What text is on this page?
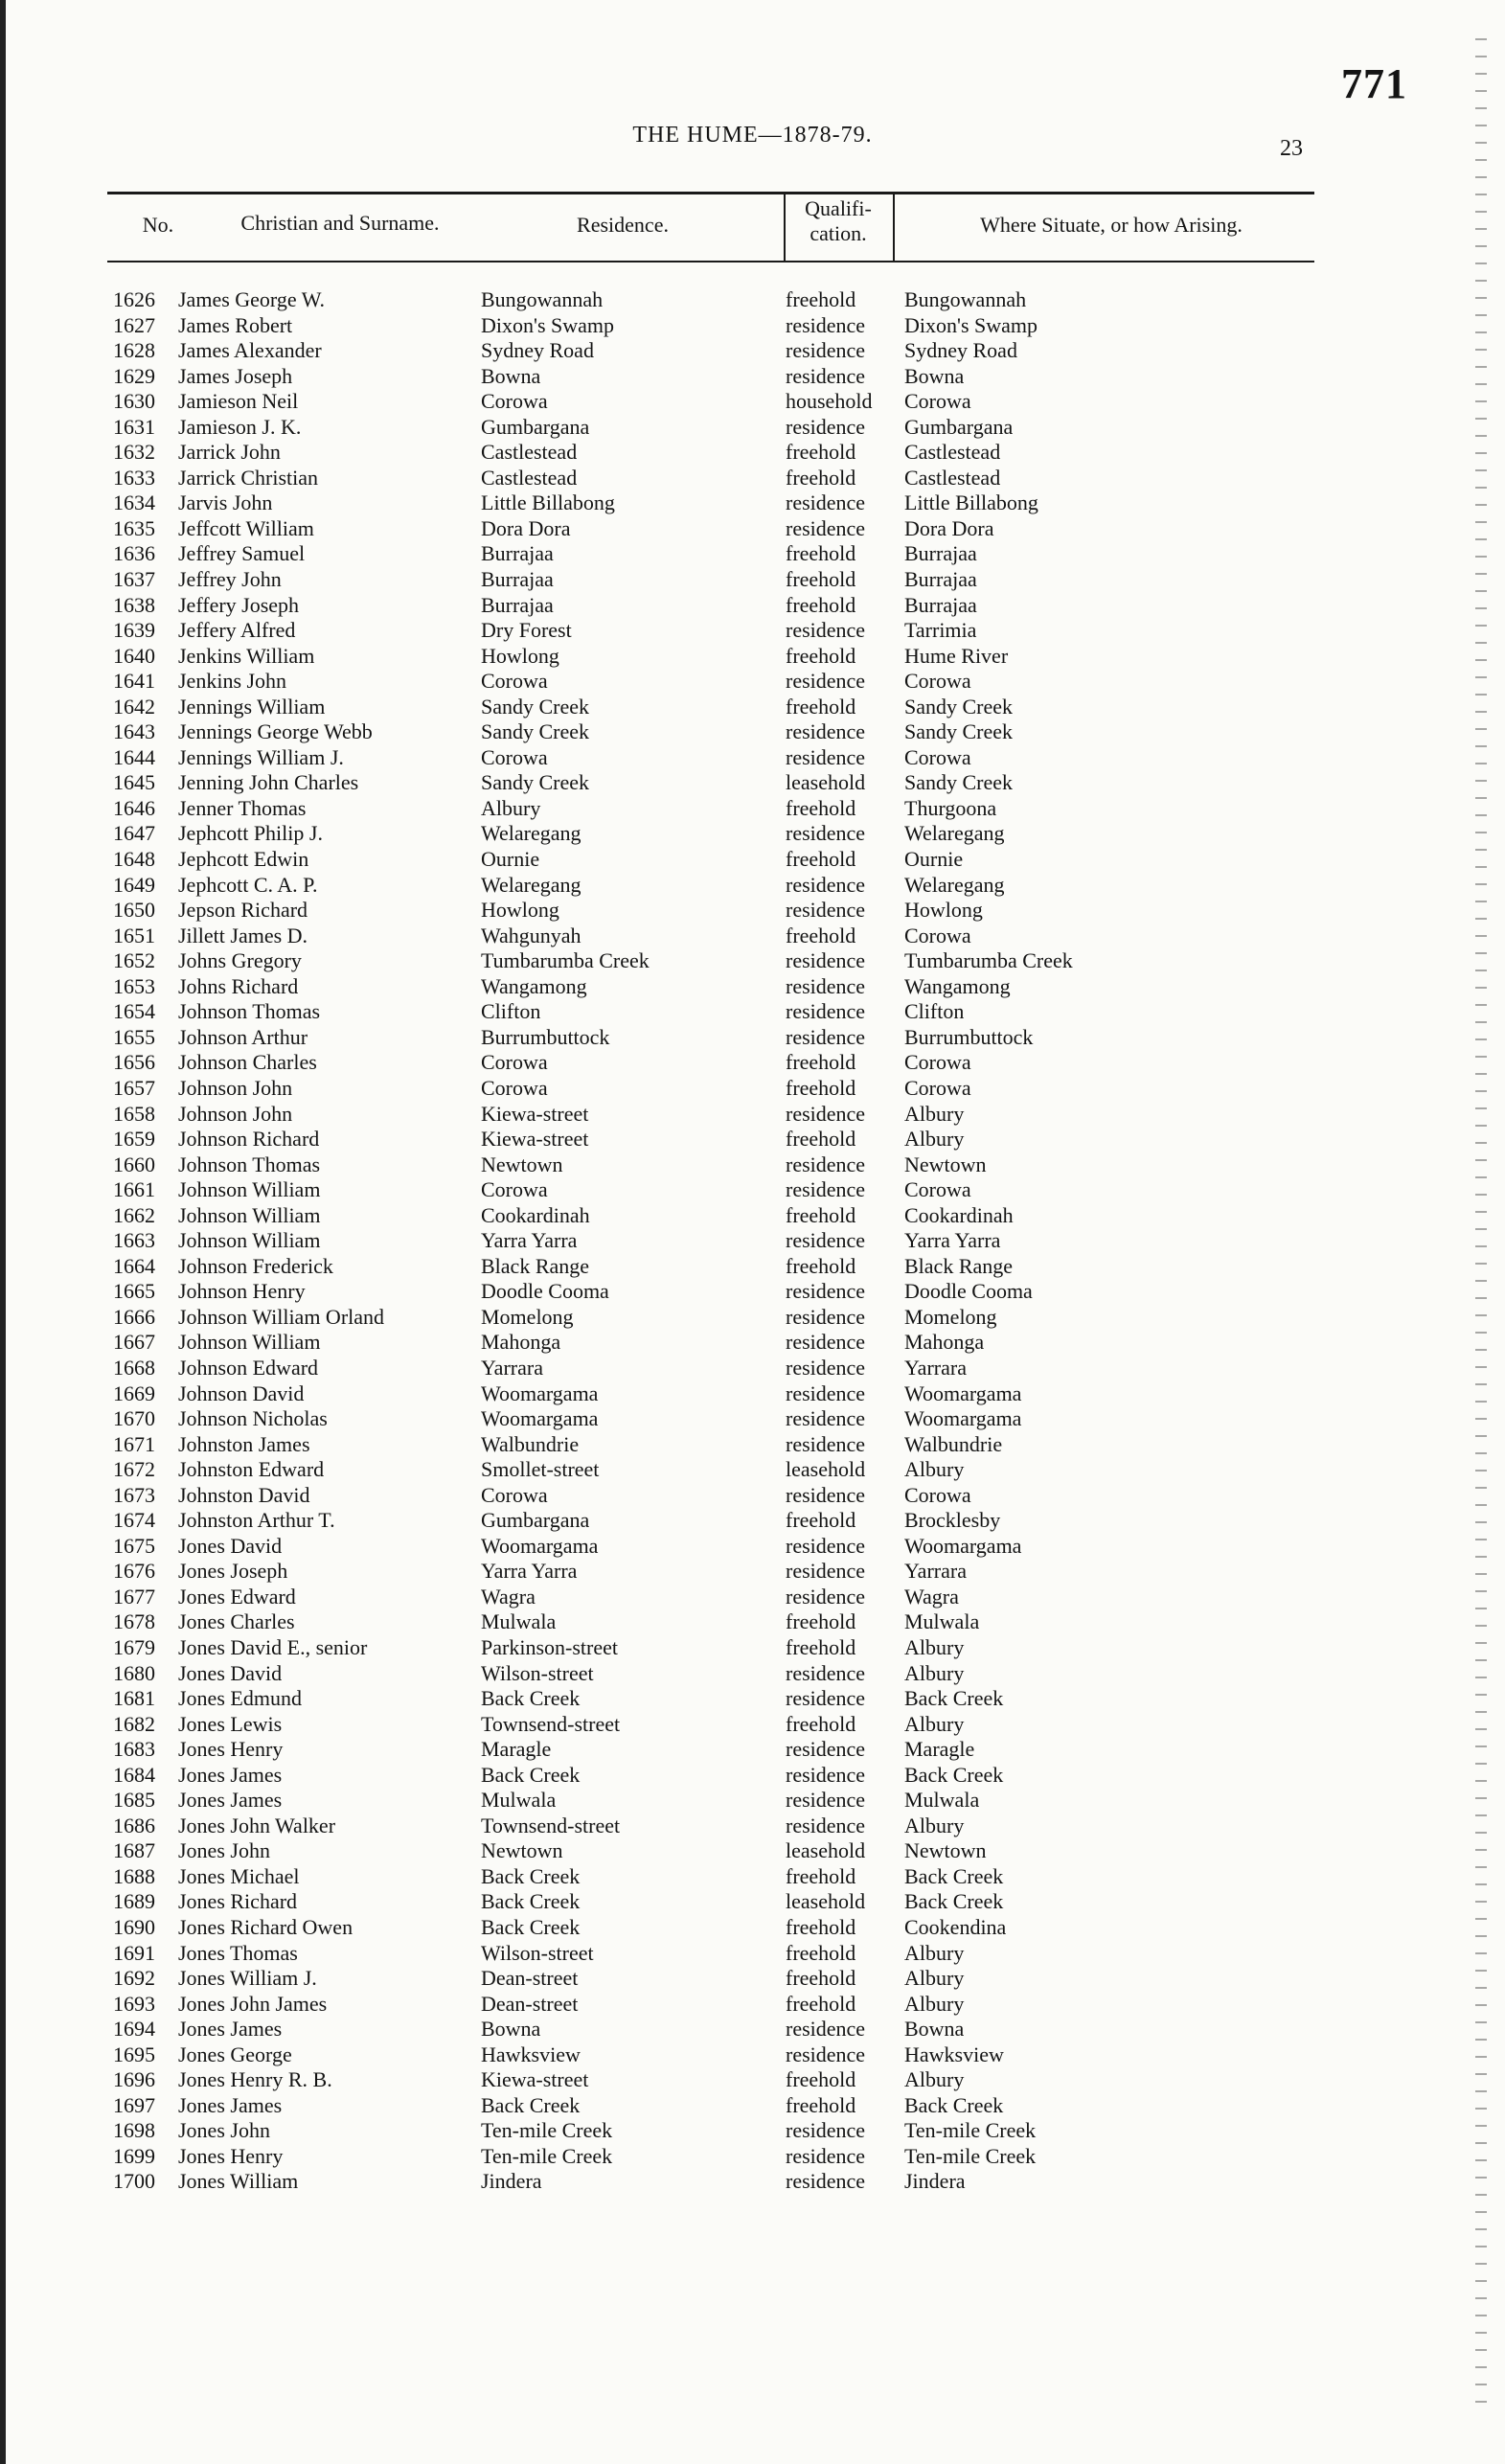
771
THE HUME—1878-79.
23
No.	Christian and Surname.	Residence.
Qualifi-cation.	Where Situate, or how Arising.
1626	James George W.	Bungowannah	freehold Bungowannah
1627	James Robert	Dixon's Swamp	residence Dixon's Swamp
1628	James Alexander	Sydney Road	residence Sydney Road
1629	James Joseph	Bowna	residence Bowna
1630	Jamieson Neil	Corowa	household Corowa
1631	Jamieson J. K.	Gumbargana	residence Gumbargana
1632	Jarrick John	Castlestead	freehold Castlestead
1633	Jarrick Christian	Castlestead	freehold Castlestead
1634	Jarvis John	Little Billabong	residence Little Billabong
1635	Jeffcott William	Dora Dora	residence Dora Dora
1636	Jeffrey Samuel	Burrajaa	freehold Burrajaa
1637	Jeffrey John	Burrajaa	freehold Burrajaa
1638	Jeffery Joseph	Burrajaa	freehold Burrajaa
1639	Jeffery Alfred	Dry Forest	residence Tarrimia
1640	Jenkins William	Howlong	freehold Hume River
1641	Jenkins John	Corowa	residence Corowa
1642	Jennings William	Sandy Creek	freehold Sandy Creek
1643	Jennings George Webb	Sandy Creek	residence Sandy Creek
1644	Jennings William J.	Corowa	residence Corowa
1645	Jenning John Charles	Sandy Creek	leasehold Sandy Creek
1646	Jenner Thomas	Albury	freehold Thurgoona
1647	Jephcott Philip J.	Welaregang	residence Welaregang
1648	Jephcott Edwin	Ournie	freehold Ournie
1649	Jephcott C. A. P.	Welaregang	residence Welaregang
1650	Jepson Richard	Howlong	residence Howlong
1651	Jillett James D.	Wahgunyah	freehold Corowa
1652	Johns Gregory	Tumbarumba Creek	residence Tumbarumba Creek
1653	Johns Richard	Wangamong	residence Wangamong
1654	Johnson Thomas	Clifton	residence Clifton
1655	Johnson Arthur	Burrumbuttock	residence Burrumbuttock
1656	Johnson Charles	Corowa	freehold Corowa
1657	Johnson John	Corowa	freehold Corowa
1658	Johnson John	Kiewa-street	residence Albury
1659	Johnson Richard	Kiewa-street	freehold Albury
1660	Johnson Thomas	Newtown	residence Newtown
1661	Johnson William	Corowa	residence Corowa
1662	Johnson William	Cookardinah	freehold Cookardinah
1663	Johnson William	Yarra Yarra	residence Yarra Yarra
1664	Johnson Frederick	Black Range	freehold Black Range
1665	Johnson Henry	Doodle Cooma	residence Doodle Cooma
1666	Johnson William Orland	Momelong	residence Momelong
1667	Johnson William	Mahonga	residence Mahonga
1668	Johnson Edward	Yarrara	residence Yarrara
1669	Johnson David	Woomargama	residence Woomargama
1670	Johnson Nicholas	Woomargama	residence Woomargama
1671	Johnston James	Walbundrie	residence Walbundrie
1672	Johnston Edward	Smollet-street	leasehold Albury
1673	Johnston David	Corowa	residence Corowa
1674	Johnston Arthur T.	Gumbargana	freehold Brocklesby
1675	Jones David	Woomargama	residence Woomargama
1676	Jones Joseph	Yarra Yarra	residence Yarrara
1677	Jones Edward	Wagra	residence Wagra
1678	Jones Charles	Mulwala	freehold Mulwala
1679	Jones David E., senior	Parkinson-street	freehold Albury
1680	Jones David	Wilson-street	residence Albury
1681	Jones Edmund	Back Creek	residence Back Creek
1682	Jones Lewis	Townsend-street	freehold Albury
1683	Jones Henry	Maragle	residence Maragle
1684	Jones James	Back Creek	residence Back Creek
1685	Jones James	Mulwala	residence Mulwala
1686	Jones John Walker	Townsend-street	residence Albury
1687	Jones John	Newtown	leasehold Newtown
1688	Jones Michael	Back Creek	freehold Back Creek
1689	Jones Richard	Back Creek	leasehold Back Creek
1690	Jones Richard Owen	Back Creek	freehold Cookendina
1691	Jones Thomas	Wilson-street	freehold Albury
1692	Jones William J.	Dean-street	freehold Albury
1693	Jones John James	Dean-street	freehold Albury
1694	Jones James	Bowna	residence Bowna
1695	Jones George	Hawksview	residence Hawksview
1696	Jones Henry R. B.	Kiewa-street	freehold Albury
1697	Jones James	Back Creek	freehold Back Creek
1698	Jones John	Ten-mile Creek	residence Ten-mile Creek
1699	Jones Henry	Ten-mile Creek	residence Ten-mile Creek
1700	Jones William	Jindera	residence Jindera
